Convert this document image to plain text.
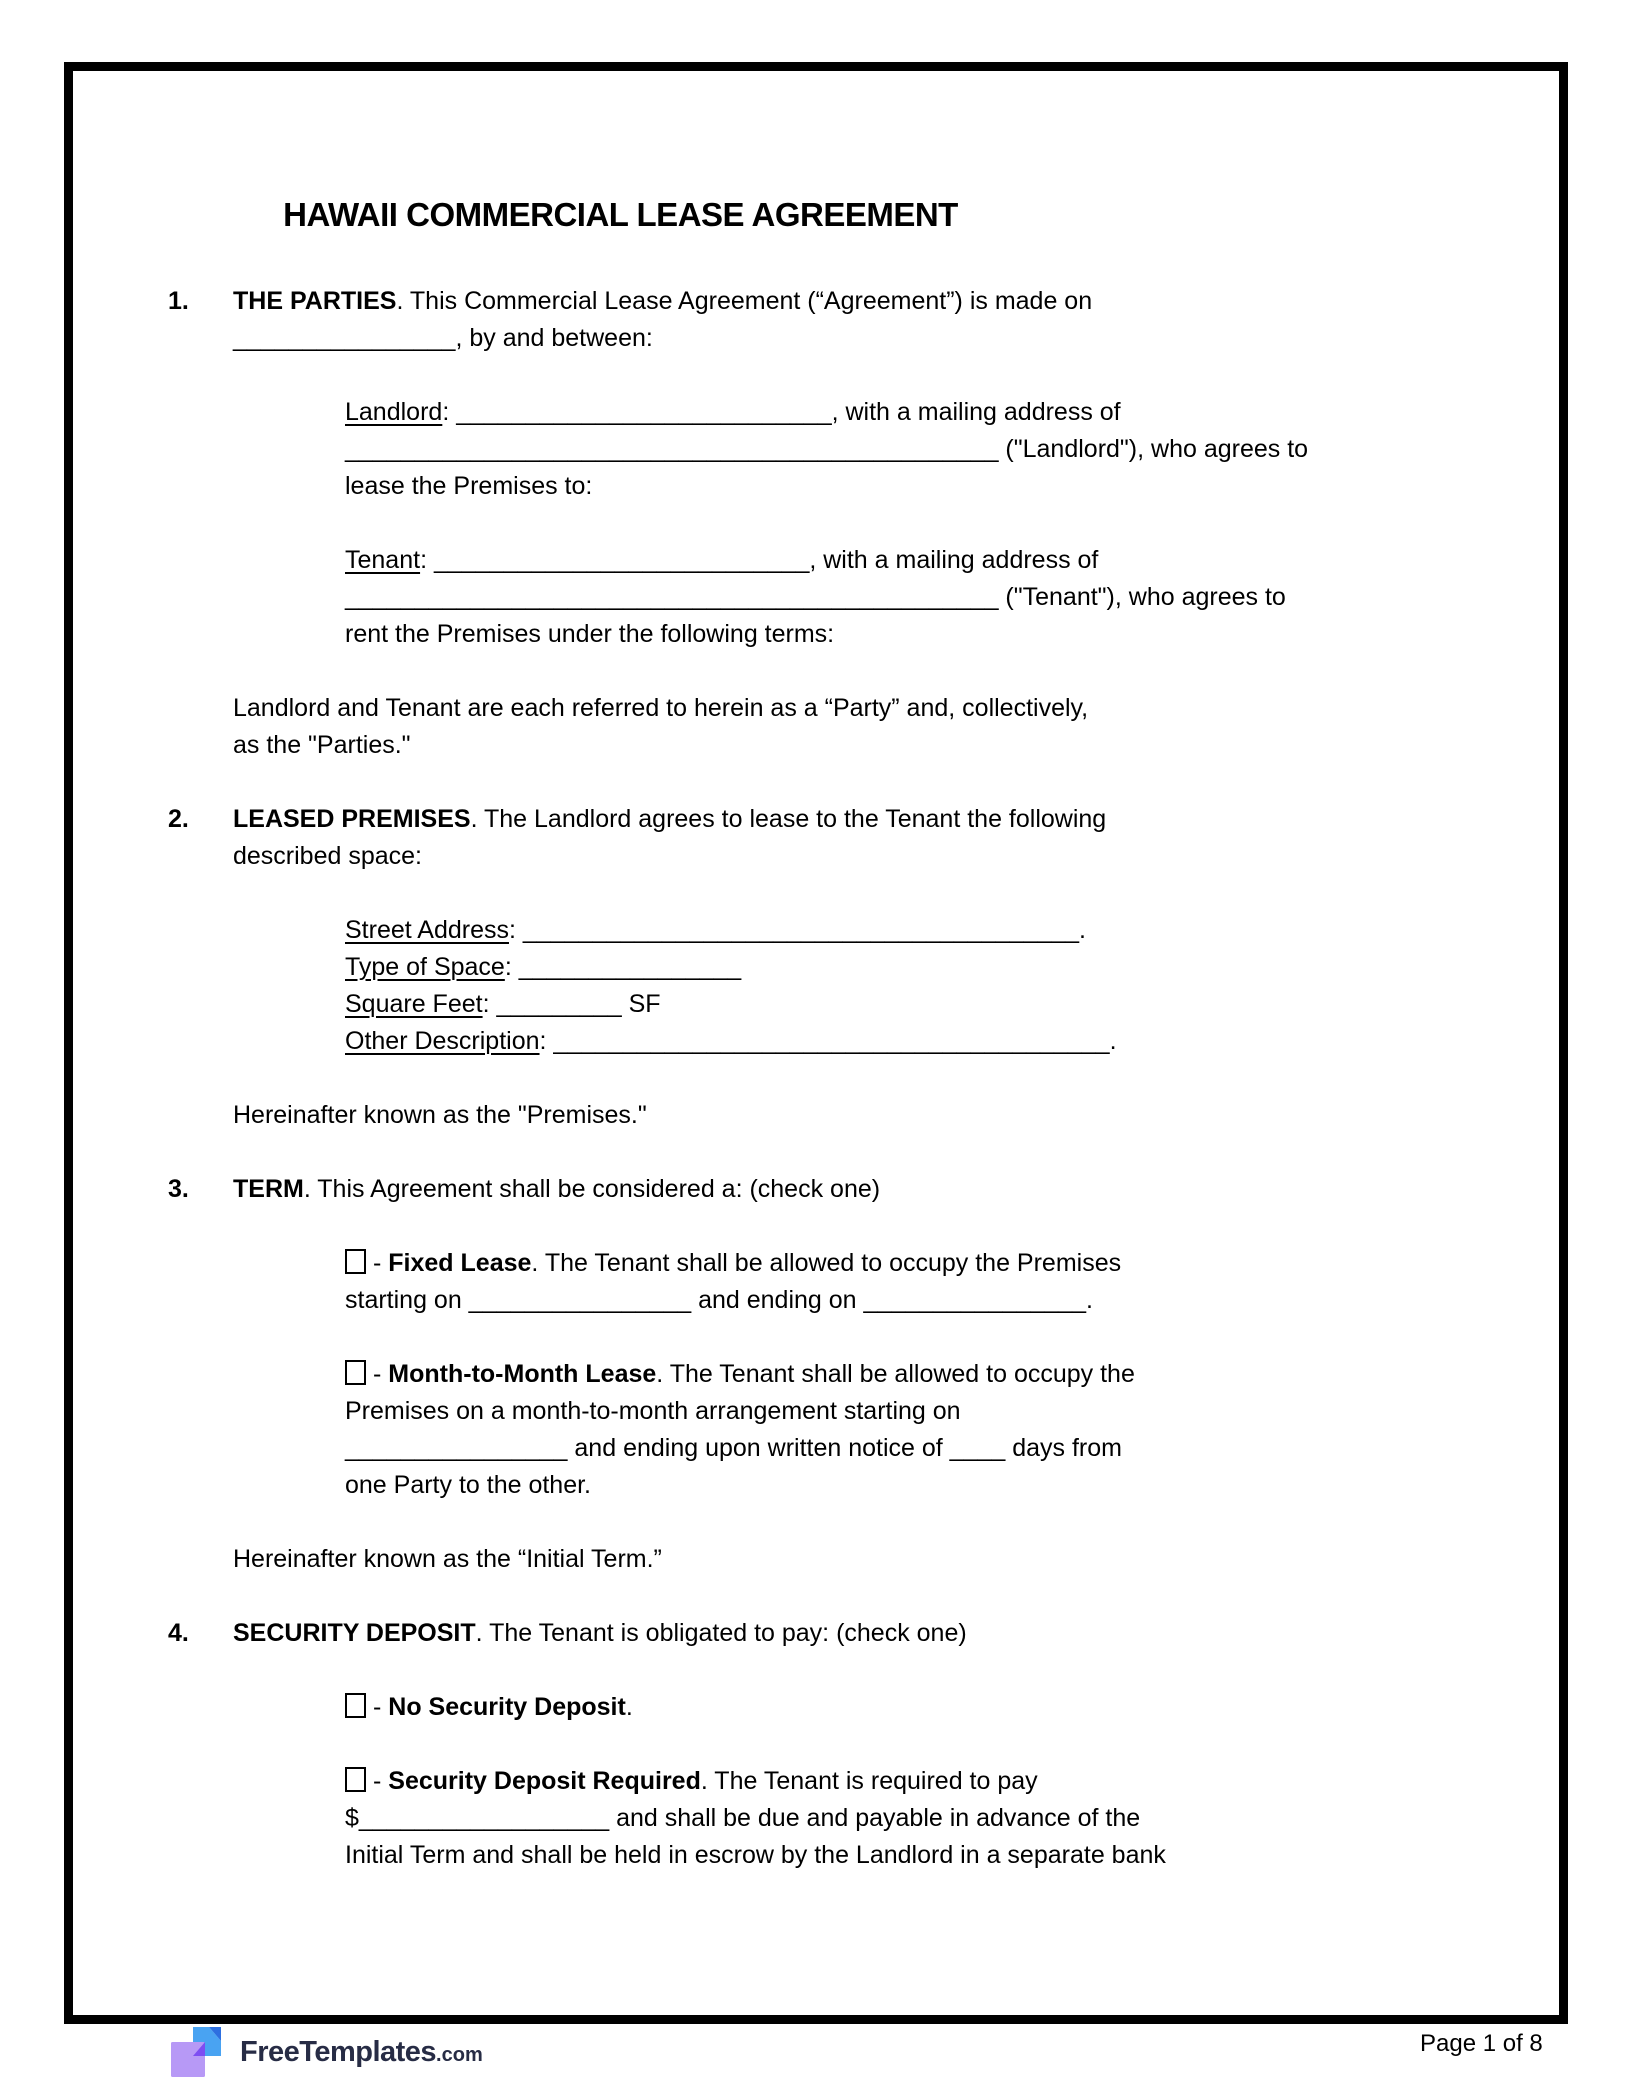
HAWAII COMMERCIAL LEASE AGREEMENT
1.	THE PARTIES. This Commercial Lease Agreement (“Agreement”) is made on
________________, by and between:
Landlord: ___________________________, with a mailing address of
_______________________________________________ ("Landlord"), who agrees to
lease the Premises to:
Tenant: ___________________________, with a mailing address of
_______________________________________________ ("Tenant"), who agrees to
rent the Premises under the following terms:
Landlord and Tenant are each referred to herein as a “Party” and, collectively,
as the "Parties."
2.	LEASED PREMISES. The Landlord agrees to lease to the Tenant the following
described space:
Street Address: ________________________________________.
Type of Space: ________________
Square Feet: _________ SF
Other Description: ________________________________________.
Hereinafter known as the "Premises."
3.	TERM. This Agreement shall be considered a: (check one)
- Fixed Lease. The Tenant shall be allowed to occupy the Premises
starting on ________________ and ending on ________________.
- Month-to-Month Lease. The Tenant shall be allowed to occupy the
Premises on a month-to-month arrangement starting on
________________ and ending upon written notice of ____ days from
one Party to the other.
Hereinafter known as the “Initial Term.”
4.	SECURITY DEPOSIT. The Tenant is obligated to pay: (check one)
- No Security Deposit.
- Security Deposit Required. The Tenant is required to pay
$__________________ and shall be due and payable in advance of the
Initial Term and shall be held in escrow by the Landlord in a separate bank
FreeTemplates.com	Page 1 of 8
